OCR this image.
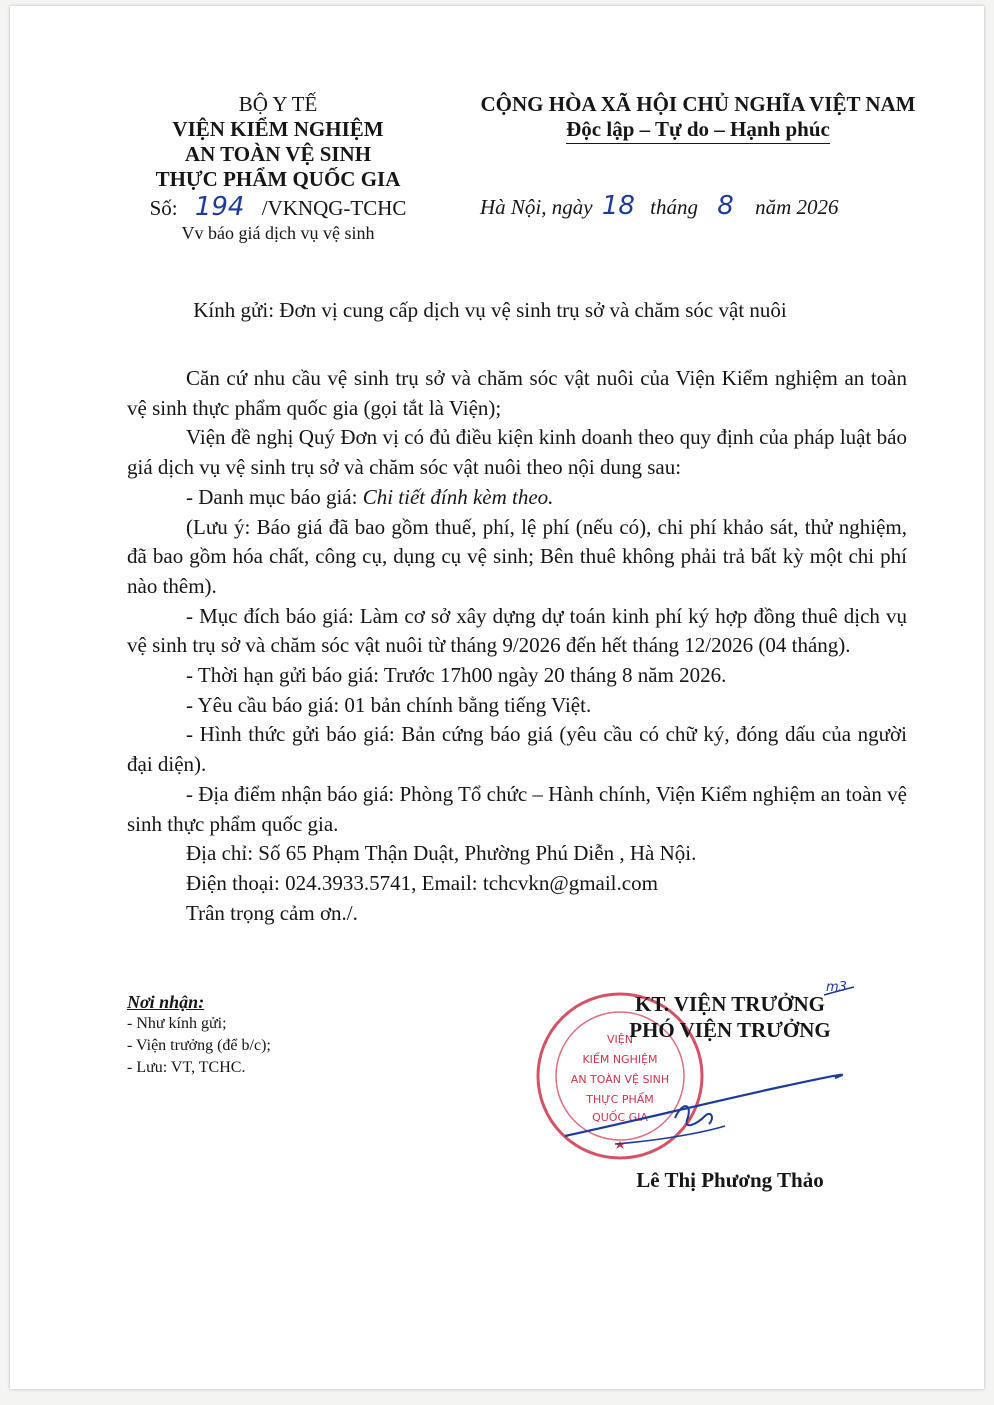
BỘ Y TẾ
VIỆN KIỂM NGHIỆM
AN TOÀN VỆ SINH
THỰC PHẨM QUỐC GIA
Số: 194 /VKNQG-TCHC
Vv báo giá dịch vụ vệ sinh
CỘNG HÒA XÃ HỘI CHỦ NGHĨA VIỆT NAM
Độc lập – Tự do – Hạnh phúc
Hà Nội, ngày 18 tháng 8 năm 2026
Kính gửi: Đơn vị cung cấp dịch vụ vệ sinh trụ sở và chăm sóc vật nuôi

Căn cứ nhu cầu vệ sinh trụ sở và chăm sóc vật nuôi của Viện Kiểm nghiệm an toàn vệ sinh thực phẩm quốc gia (gọi tắt là Viện);

Viện đề nghị Quý Đơn vị có đủ điều kiện kinh doanh theo quy định của pháp luật báo giá dịch vụ vệ sinh trụ sở và chăm sóc vật nuôi theo nội dung sau:

- Danh mục báo giá: Chi tiết đính kèm theo.

(Lưu ý: Báo giá đã bao gồm thuế, phí, lệ phí (nếu có), chi phí khảo sát, thử nghiệm, đã bao gồm hóa chất, công cụ, dụng cụ vệ sinh; Bên thuê không phải trả bất kỳ một chi phí nào thêm).

- Mục đích báo giá: Làm cơ sở xây dựng dự toán kinh phí ký hợp đồng thuê dịch vụ vệ sinh trụ sở và chăm sóc vật nuôi từ tháng 9/2026 đến hết tháng 12/2026 (04 tháng).

- Thời hạn gửi báo giá: Trước 17h00 ngày 20 tháng 8 năm 2026.

- Yêu cầu báo giá: 01 bản chính bằng tiếng Việt.

- Hình thức gửi báo giá: Bản cứng báo giá (yêu cầu có chữ ký, đóng dấu của người đại diện).

- Địa điểm nhận báo giá: Phòng Tổ chức – Hành chính, Viện Kiểm nghiệm an toàn vệ sinh thực phẩm quốc gia.

Địa chỉ: Số 65 Phạm Thận Duật, Phường Phú Diễn , Hà Nội.

Điện thoại: 024.3933.5741, Email: tchcvkn@gmail.com

Trân trọng cảm ơn./.

Nơi nhận:
- Như kính gửi;
- Viện trưởng (để b/c);
- Lưu: VT, TCHC.
VIỆN
KIỂM NGHIỆM
AN TOÀN VỆ SINH
THỰC PHẨM
QUỐC GIA
KT. VIỆN TRƯỞNG
PHÓ VIỆN TRƯỞNG
m3
Lê Thị Phương Thảo
